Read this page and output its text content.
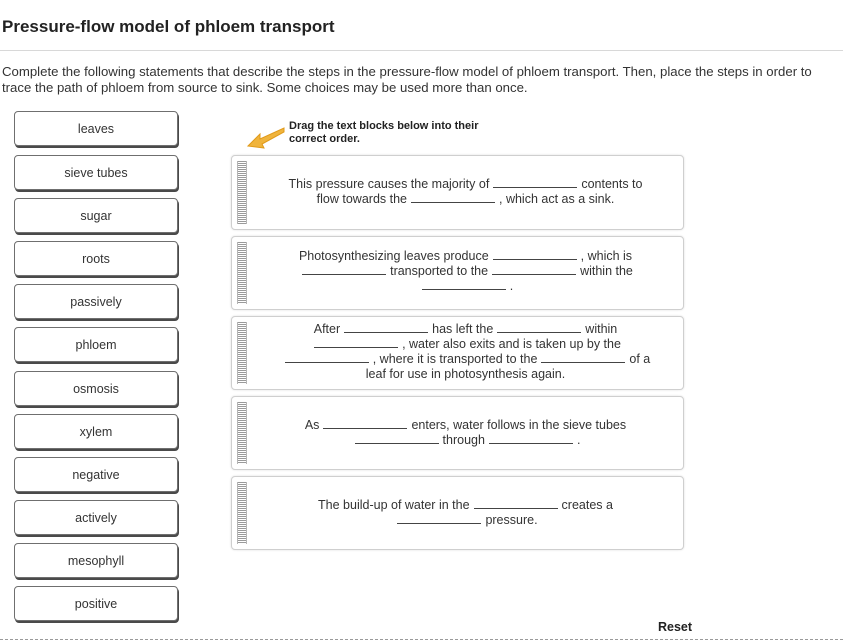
Pressure-flow model of phloem transport
Complete the following statements that describe the steps in the pressure-flow model of phloem transport. Then, place the steps in order to trace the path of phloem from source to sink. Some choices may be used more than once.
leaves
sieve tubes
sugar
roots
passively
phloem
osmosis
xylem
negative
actively
mesophyll
positive
Drag the text blocks below into their
correct order.
This pressure causes the majority of	contents to
flow towards the	, which act as a sink.
Photosynthesizing leaves produce	, which is
transported to the	within the
.
After	has left the	within
, water also exits and is taken up by the
, where it is transported to the	of a
leaf for use in photosynthesis again.
As	enters, water follows in the sieve tubes
through	.
The build-up of water in the	creates a
pressure.
Reset
